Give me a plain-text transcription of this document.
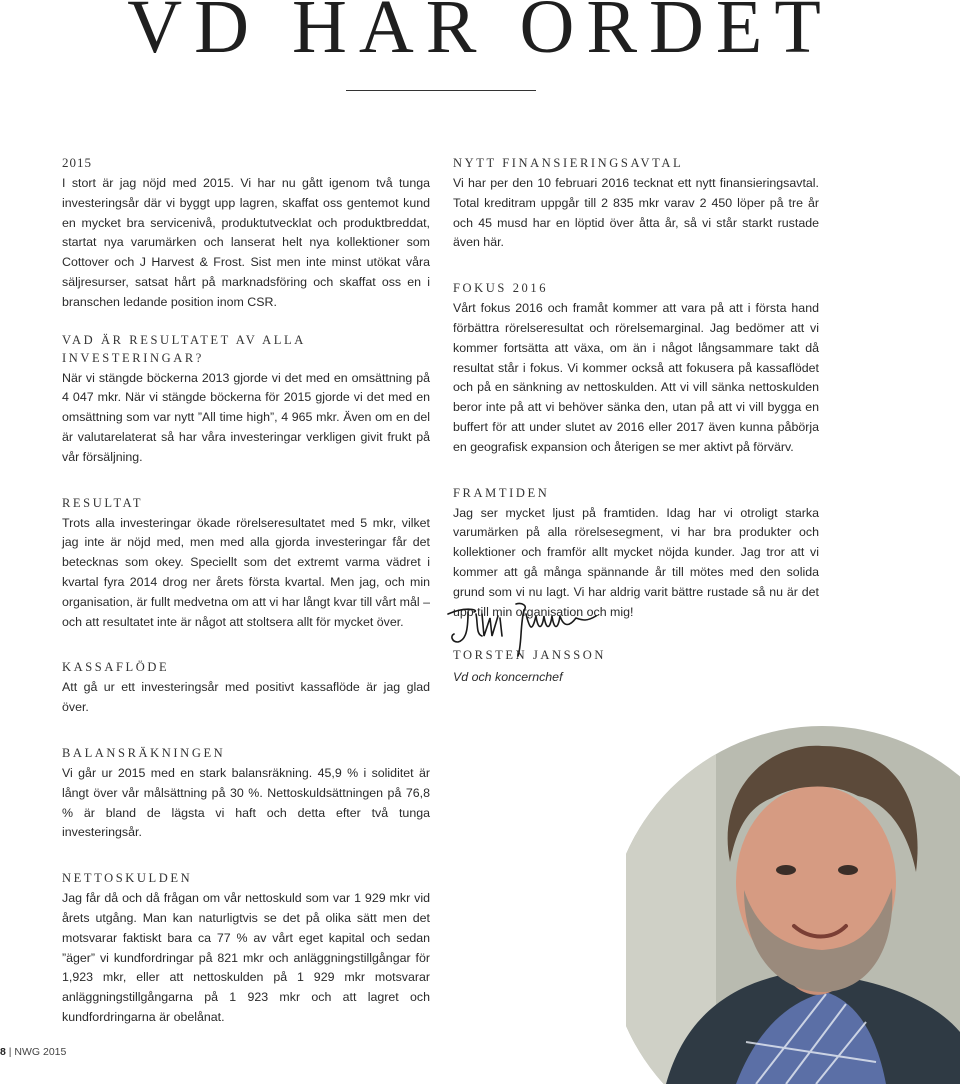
VD HAR ORDET
2015

I stort är jag nöjd med 2015. Vi har nu gått igenom två tunga investeringsår där vi byggt upp lagren, skaffat oss gentemot kund en mycket bra servicenivå, produktutvecklat och produktbreddat, startat nya varumärken och lanserat helt nya kollektioner som Cottover och J Harvest & Frost. Sist men inte minst utökat våra säljresurser, satsat hårt på marknadsföring och skaffat oss en i branschen ledande position inom CSR.

VAD ÄR RESULTATET AV ALLA INVESTERINGAR?

När vi stängde böckerna 2013 gjorde vi det med en omsättning på 4 047 mkr. När vi stängde böckerna för 2015 gjorde vi det med en omsättning som var nytt ”All time high”, 4 965 mkr. Även om en del är valutarelaterat så har våra investeringar verkligen givit frukt på vår försäljning.

RESULTAT

Trots alla investeringar ökade rörelseresultatet med 5 mkr, vilket jag inte är nöjd med, men med alla gjorda investeringar får det betecknas som okey. Speciellt som det extremt varma vädret i kvartal fyra 2014 drog ner årets första kvartal. Men jag, och min organisation, är fullt medvetna om att vi har långt kvar till vårt mål – och att resultatet inte är något att stoltsera allt för mycket över.

KASSAFLÖDE

Att gå ur ett investeringsår med positivt kassaflöde är jag glad över.

BALANSRÄKNINGEN

Vi går ur 2015 med en stark balansräkning. 45,9 % i soliditet är långt över vår målsättning på 30 %. Nettoskuldsättningen på 76,8 % är bland de lägsta vi haft och detta efter två tunga investeringsår.

NETTOSKULDEN

Jag får då och då frågan om vår nettoskuld som var 1 929 mkr vid årets utgång. Man kan naturligtvis se det på olika sätt men det motsvarar faktiskt bara ca 77 % av vårt eget kapital och sedan ”äger” vi kundfordringar på 821 mkr och anläggningstillgångar för 1,923 mkr, eller att nettoskulden på 1 929 mkr motsvarar anläggningstillgångarna på 1 923 mkr och att lagret och kundfordringarna är obelånat.

NYTT FINANSIERINGSAVTAL

Vi har per den 10 februari 2016 tecknat ett nytt finansieringsavtal. Total kreditram uppgår till 2 835 mkr varav 2 450 löper på tre år och 45 musd har en löptid över åtta år, så vi står starkt rustade även här.

FOKUS 2016

Vårt fokus 2016 och framåt kommer att vara på att i första hand förbättra rörelseresultat och rörelsemarginal. Jag bedömer att vi kommer fortsätta att växa, om än i något långsammare takt då resultat står i fokus. Vi kommer också att fokusera på kassaflödet och på en sänkning av nettoskulden. Att vi vill sänka nettoskulden beror inte på att vi behöver sänka den, utan på att vi vill bygga en buffert för att under slutet av 2016 eller 2017 även kunna påbörja en geografisk expansion och återigen se mer aktivt på förvärv.

FRAMTIDEN

Jag ser mycket ljust på framtiden. Idag har vi otroligt starka varumärken på alla rörelsesegment, vi har bra produkter och kollektioner och framför allt mycket nöjda kunder. Jag tror att vi kommer att gå många spännande år till mötes med den solida grund som vi nu lagt. Vi har aldrig varit bättre rustade så nu är det upp till min organisation och mig!

TORSTEN JANSSON
Vd och koncernchef
8 | NWG 2015
